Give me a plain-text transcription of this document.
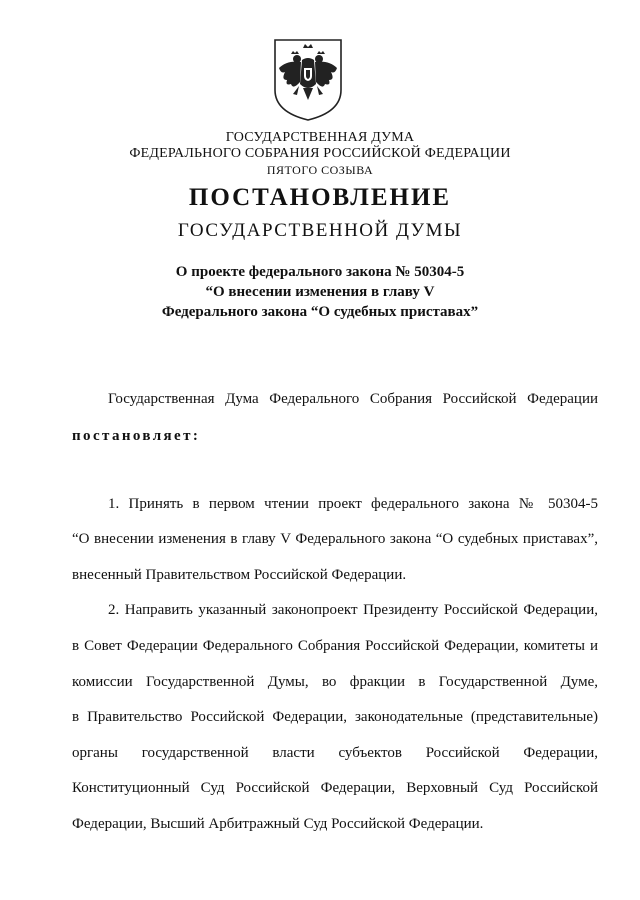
ГОСУДАРСТВЕННАЯ ДУМА
ФЕДЕРАЛЬНОГО СОБРАНИЯ РОССИЙСКОЙ ФЕДЕРАЦИИ
ПЯТОГО СОЗЫВА
ПОСТАНОВЛЕНИЕ
ГОСУДАРСТВЕННОЙ ДУМЫ
О проекте федерального закона № 50304-5
“О внесении изменения в главу V
Федерального закона “О судебных приставах”
Государственная Дума Федерального Собрания Российской Федерации
постановляет:
1. Принять в первом чтении проект федерального закона № 50304-5
“О внесении изменения в главу V Федерального закона “О судебных приставах”,
внесенный Правительством Российской Федерации.
2. Направить указанный законопроект Президенту Российской Федерации,
в Совет Федерации Федерального Собрания Российской Федерации, комитеты и
комиссии Государственной Думы, во фракции в Государственной Думе,
в Правительство Российской Федерации, законодательные (представительные)
органы государственной власти субъектов Российской Федерации,
Конституционный Суд Российской Федерации, Верховный Суд Российской
Федерации, Высший Арбитражный Суд Российской Федерации.
